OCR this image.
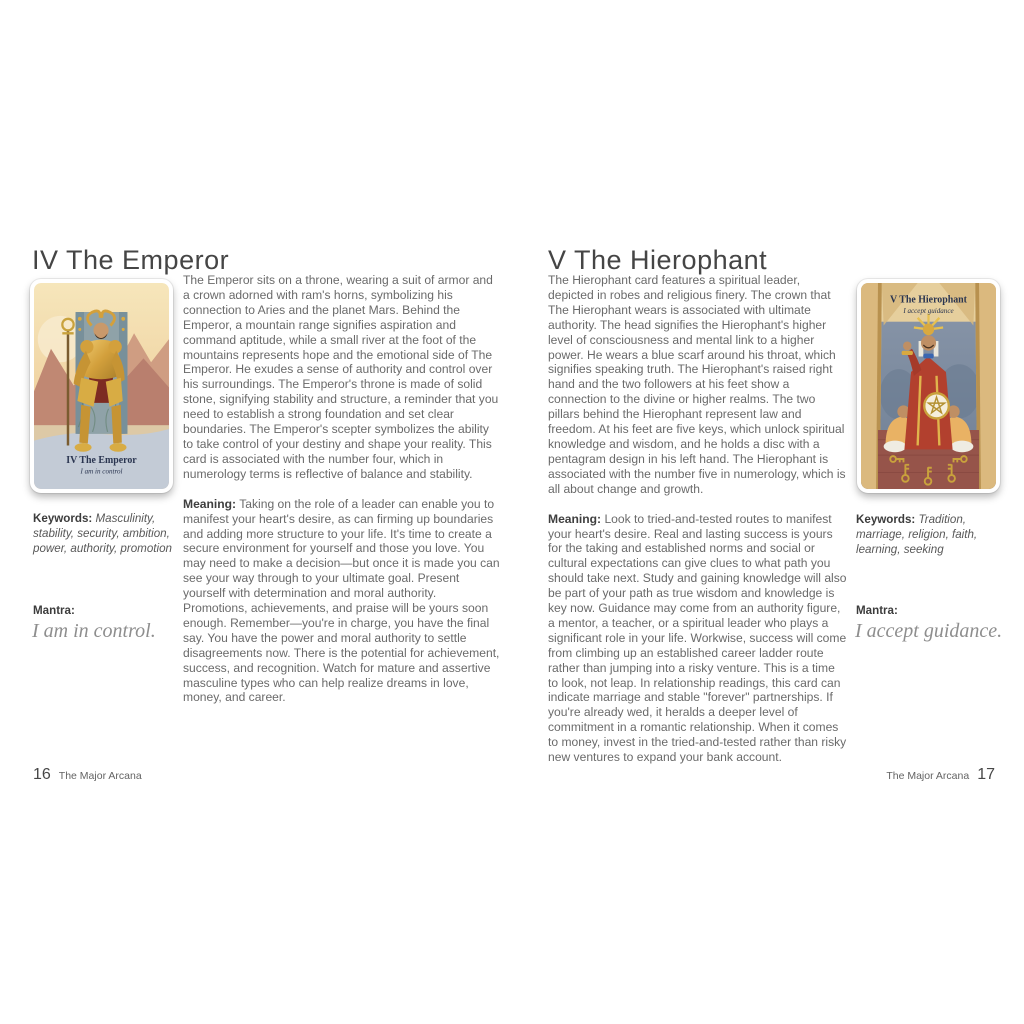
IV The Emperor
IV The Emperor
I am in control

The Emperor sits on a throne, wearing a suit of armor and a crown adorned with ram's horns, symbolizing his connection to Aries and the planet Mars. Behind the Emperor, a mountain range signifies aspiration and command aptitude, while a small river at the foot of the mountains represents hope and the emotional side of The Emperor. He exudes a sense of authority and control over his surroundings. The Emperor's throne is made of solid stone, signifying stability and structure, a reminder that you need to establish a strong foundation and set clear boundaries. The Emperor's scepter symbolizes the ability to take control of your destiny and shape your reality. This card is associated with the number four, which in numerology terms is reflective of balance and stability.

Meaning: Taking on the role of a leader can enable you to manifest your heart's desire, as can firming up boundaries and adding more structure to your life. It's time to create a secure environment for yourself and those you love. You may need to make a decision—but once it is made you can see your way through to your ultimate goal. Present yourself with determination and moral authority. Promotions, achievements, and praise will be yours soon enough. Remember—you're in charge, you have the final say. You have the power and moral authority to settle disagreements now. There is the potential for achievement, success, and recognition. Watch for mature and assertive masculine types who can help realize dreams in love, money, and career.

Keywords: Masculinity, stability, security, ambition, power, authority, promotion
Mantra:
I am in control.
16 The Major Arcana
V The Hierophant

The Hierophant card features a spiritual leader, depicted in robes and religious finery. The crown that The Hierophant wears is associated with ultimate authority. The head signifies the Hierophant's higher level of consciousness and mental link to a higher power. He wears a blue scarf around his throat, which signifies speaking truth. The Hierophant's raised right hand and the two followers at his feet show a connection to the divine or higher realms. The two pillars behind the Hierophant represent law and freedom. At his feet are five keys, which unlock spiritual knowledge and wisdom, and he holds a disc with a pentagram design in his left hand. The Hierophant is associated with the number five in numerology, which is all about change and growth.

Meaning: Look to tried-and-tested routes to manifest your heart's desire. Real and lasting success is yours for the taking and established norms and social or cultural expectations can give clues to what path you should take next. Study and gaining knowledge will also be part of your path as true wisdom and knowledge is key now. Guidance may come from an authority figure, a mentor, a teacher, or a spiritual leader who plays a significant role in your life. Workwise, success will come from climbing up an established career ladder route rather than jumping into a risky venture. This is a time to look, not leap. In relationship readings, this card can indicate marriage and stable "forever" partnerships. If you're already wed, it heralds a deeper level of commitment in a romantic relationship. When it comes to money, invest in the tried-and-tested rather than risky new ventures to expand your bank account.

V The Hierophant
I accept guidance
Keywords: Tradition, marriage, religion, faith, learning, seeking
Mantra:
I accept guidance.
The Major Arcana 17
